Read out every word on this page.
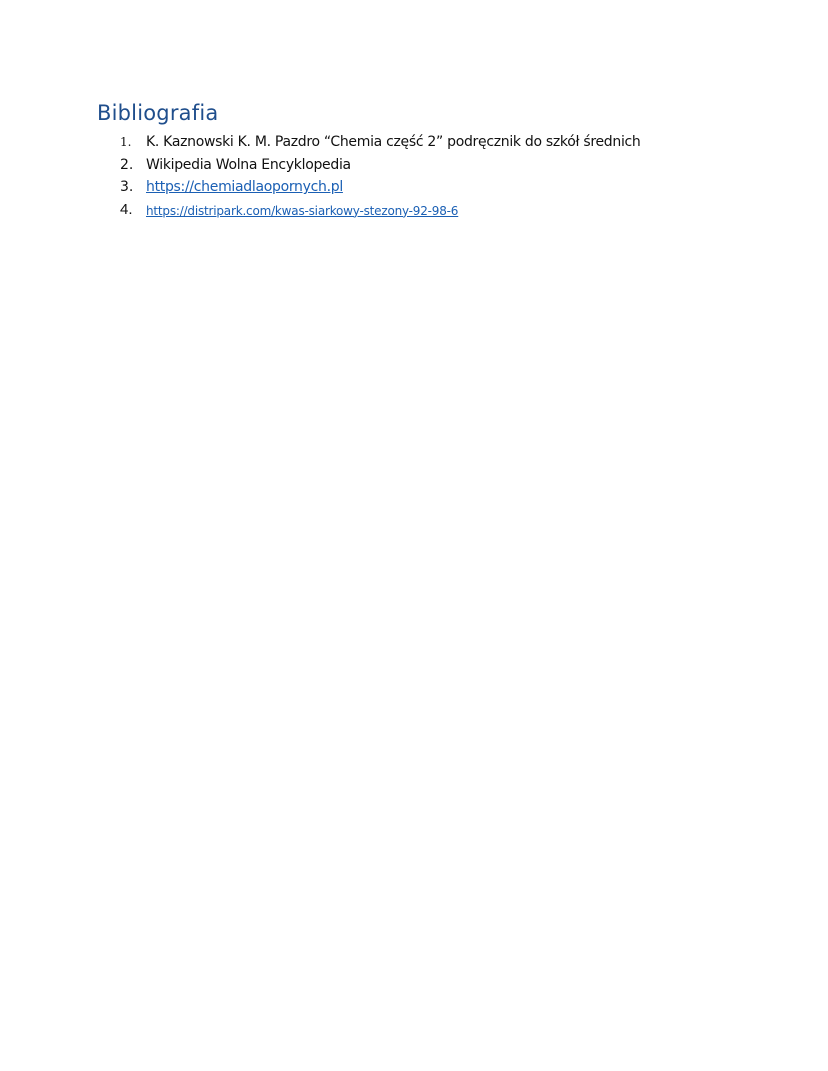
Bibliografia
1.	K. Kaznowski K. M. Pazdro “Chemia część 2” podręcznik do szkół średnich
2. Wikipedia Wolna Encyklopedia
3. https://chemiadlaopornych.pl
4.	https://distripark.com/kwas-siarkowy-stezony-92-98-6
